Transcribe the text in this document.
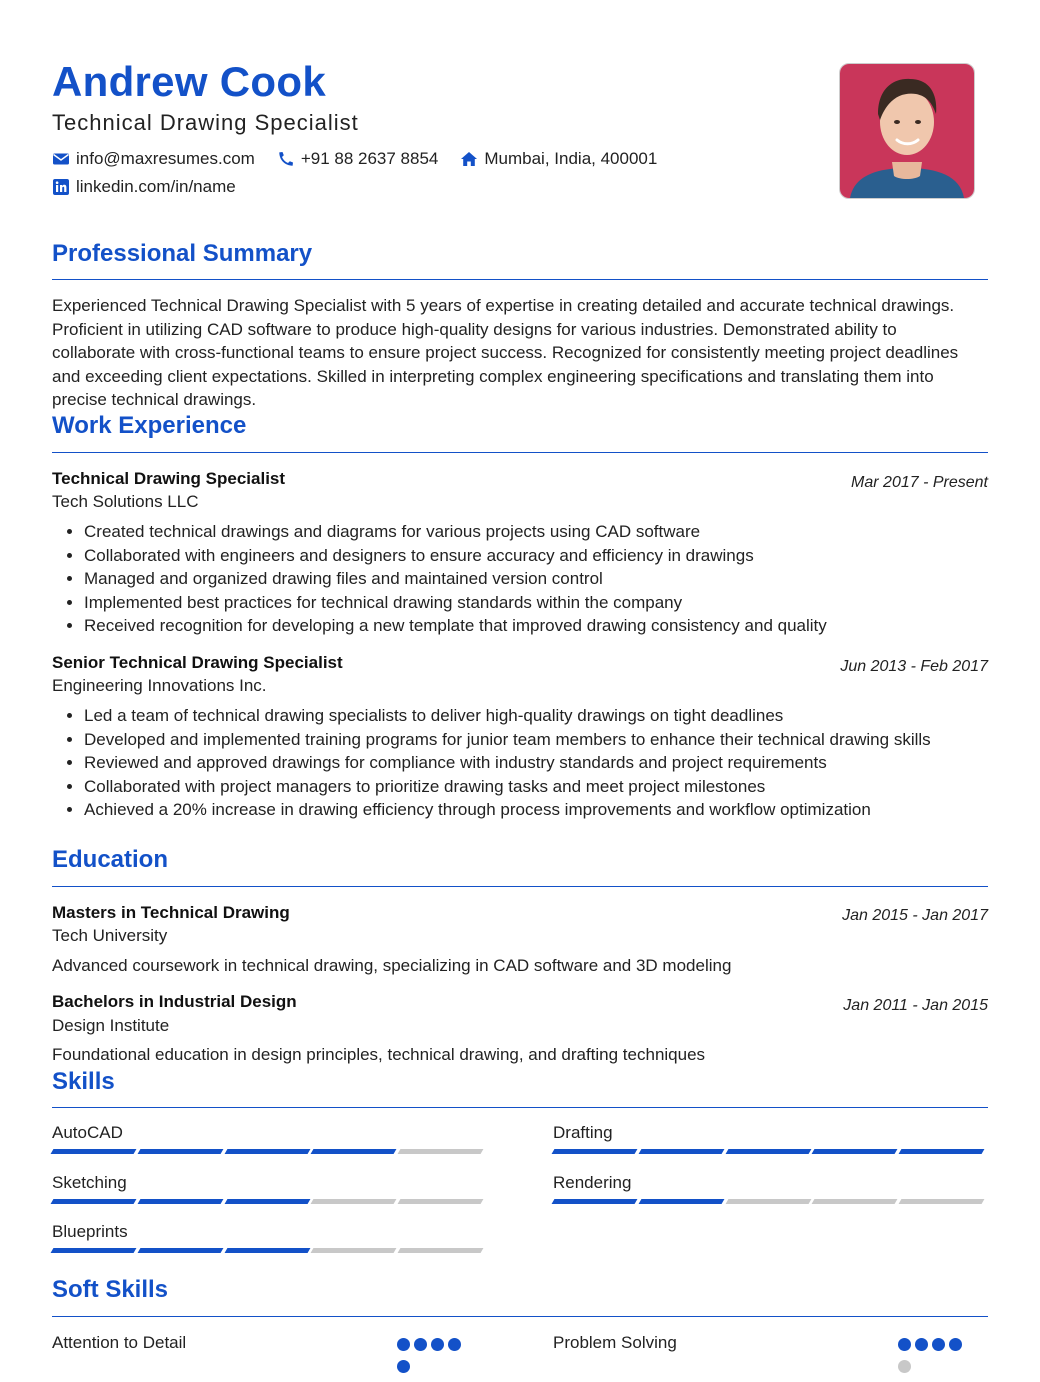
Andrew Cook
Technical Drawing Specialist
info@maxresumes.com	+91 88 2637 8854	Mumbai, India, 400001
linkedin.com/in/name
Professional Summary

Experienced Technical Drawing Specialist with 5 years of expertise in creating detailed and accurate technical drawings. Proficient in utilizing CAD software to produce high-quality designs for various industries. Demonstrated ability to collaborate with cross-functional teams to ensure project success. Recognized for consistently meeting project deadlines and exceeding client expectations. Skilled in interpreting complex engineering specifications and translating them into precise technical drawings.

Work Experience
Technical Drawing Specialist	Mar 2017 - Present
Tech Solutions LLC
• Created technical drawings and diagrams for various projects using CAD software
• Collaborated with engineers and designers to ensure accuracy and efficiency in drawings
• Managed and organized drawing files and maintained version control
• Implemented best practices for technical drawing standards within the company
• Received recognition for developing a new template that improved drawing consistency and quality
Senior Technical Drawing Specialist	Jun 2013 - Feb 2017
Engineering Innovations Inc.
• Led a team of technical drawing specialists to deliver high-quality drawings on tight deadlines
• Developed and implemented training programs for junior team members to enhance their technical drawing skills
• Reviewed and approved drawings for compliance with industry standards and project requirements
• Collaborated with project managers to prioritize drawing tasks and meet project milestones
• Achieved a 20% increase in drawing efficiency through process improvements and workflow optimization
Education
Masters in Technical Drawing	Jan 2015 - Jan 2017
Tech University
Advanced coursework in technical drawing, specializing in CAD software and 3D modeling
Bachelors in Industrial Design	Jan 2011 - Jan 2015
Design Institute
Foundational education in design principles, technical drawing, and drafting techniques
Skills
AutoCAD	Drafting
Sketching	Rendering
Blueprints
Soft Skills
Attention to Detail	Problem Solving
